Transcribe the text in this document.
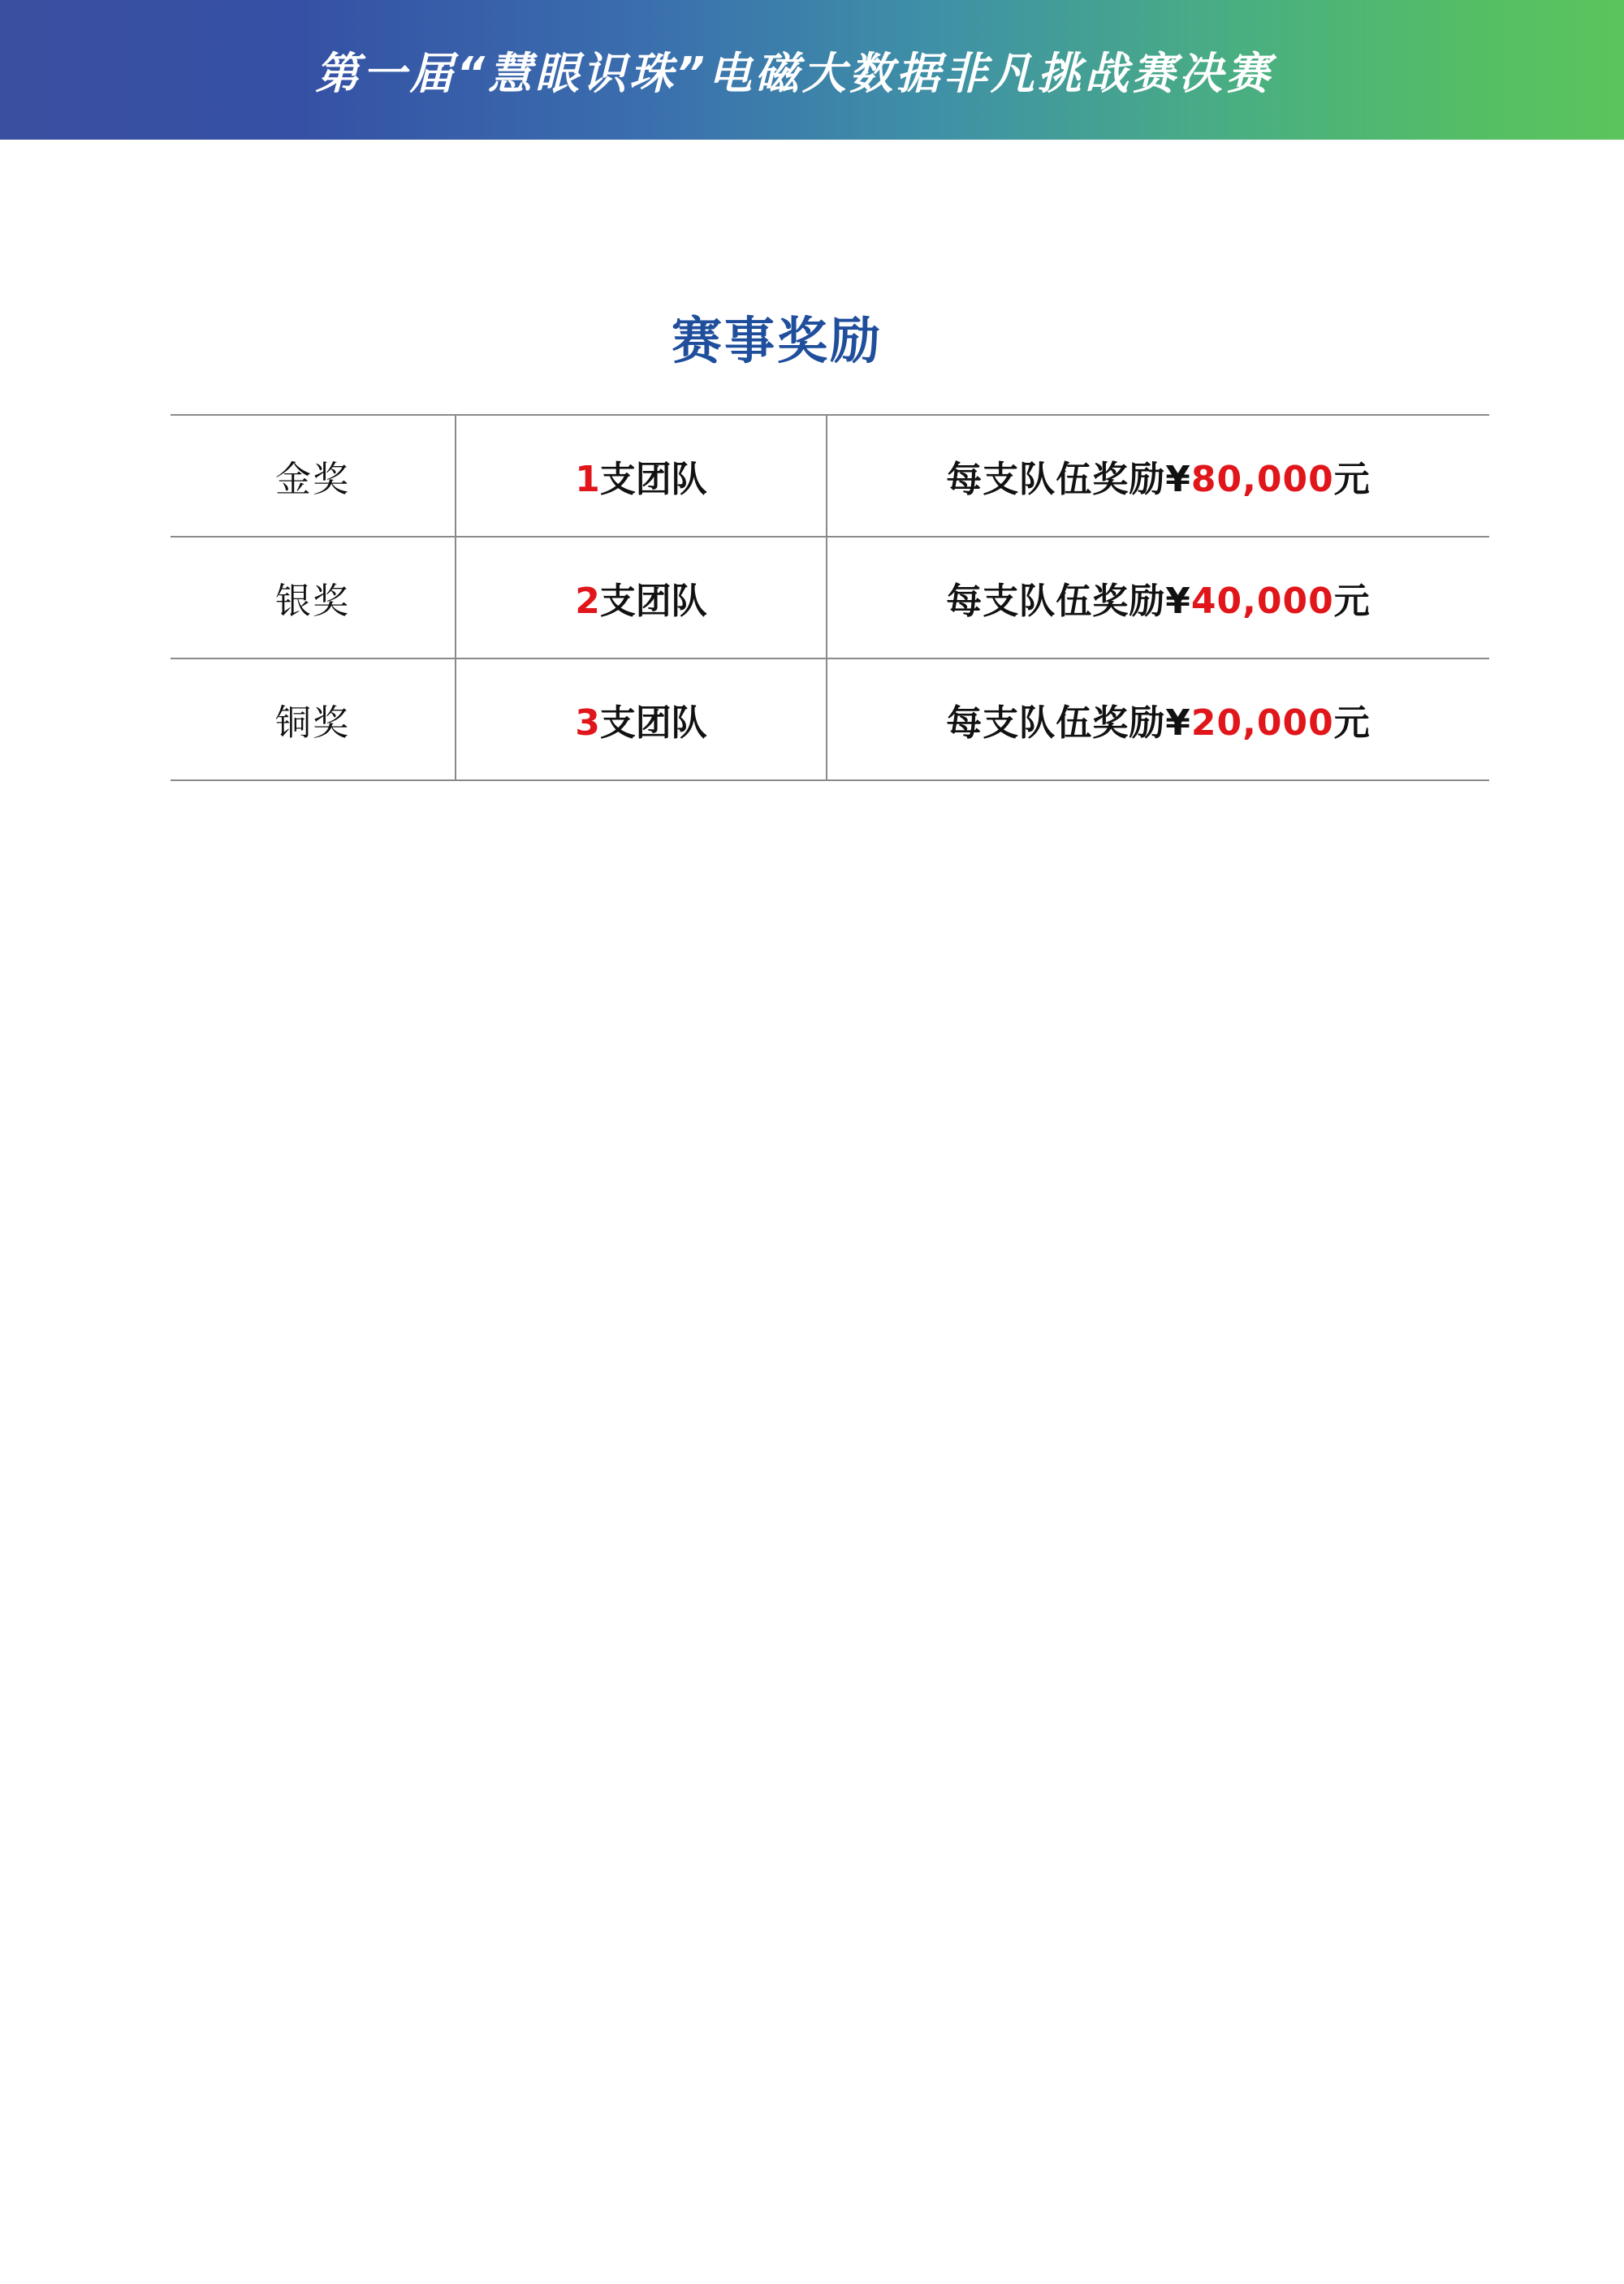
第一届“慧眼识珠”电磁大数据非凡挑战赛决赛
赛事奖励
金奖	1支团队	每支队伍奖励¥80,000元
银奖	2支团队	每支队伍奖励¥40,000元
铜奖	3支团队	每支队伍奖励¥20,000元
